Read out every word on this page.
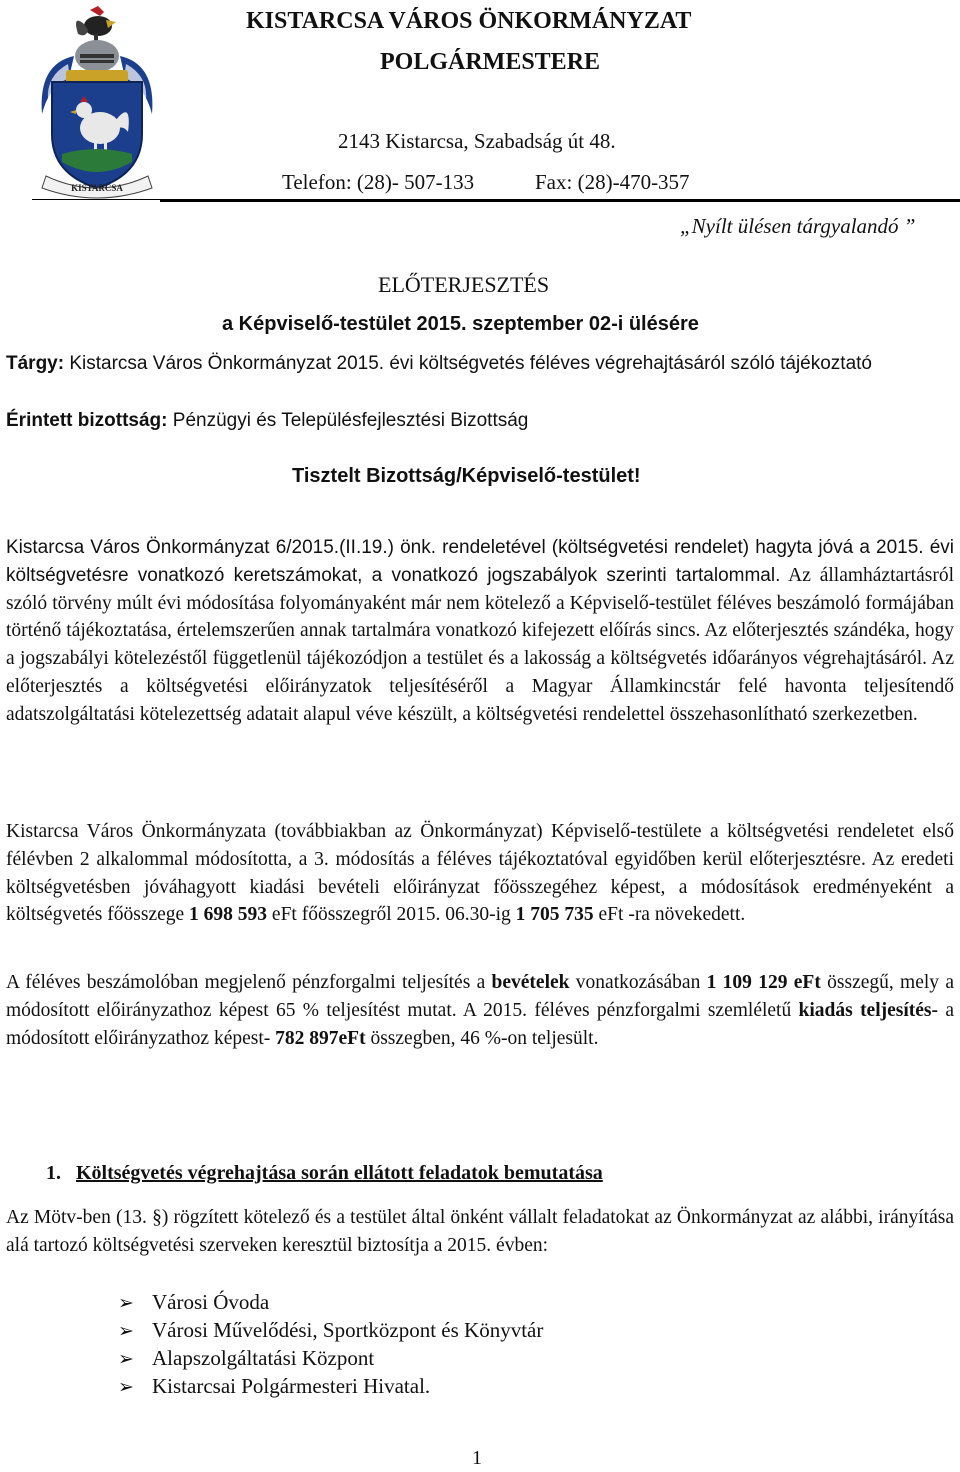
KISTARCSA
KISTARCSA VÁROS ÖNKORMÁNYZAT
POLGÁRMESTERE
2143 Kistarcsa, Szabadság út 48.
Telefon: (28)- 507-133	Fax: (28)-470-357
„Nyílt ülésen tárgyalandó ”
ELŐTERJESZTÉS
a Képviselő-testület 2015. szeptember 02-i ülésére
Tárgy: Kistarcsa Város Önkormányzat 2015. évi költségvetés féléves végrehajtásáról szóló tájékoztató
Érintett bizottság: Pénzügyi és Településfejlesztési Bizottság
Tisztelt Bizottság/Képviselő-testület!
Kistarcsa Város Önkormányzat 6/2015.(II.19.) önk. rendeletével (költségvetési rendelet) hagyta jóvá a 2015. évi költségvetésre vonatkozó keretszámokat, a vonatkozó jogszabályok szerinti tartalommal. Az államháztartásról szóló törvény múlt évi módosítása folyományaként már nem kötelező a Képviselő-testület féléves beszámoló formájában történő tájékoztatása, értelemszerűen annak tartalmára vonatkozó kifejezett előírás sincs. Az előterjesztés szándéka, hogy a jogszabályi kötelezéstől függetlenül tájékozódjon a testület és a lakosság a költségvetés időarányos végrehajtásáról. Az előterjesztés a költségvetési előirányzatok teljesítéséről a Magyar Államkincstár felé havonta teljesítendő adatszolgáltatási kötelezettség adatait alapul véve készült, a költségvetési rendelettel összehasonlítható szerkezetben.
Kistarcsa Város Önkormányzata (továbbiakban az Önkormányzat) Képviselő-testülete a költségvetési rendeletet első félévben 2 alkalommal módosította, a 3. módosítás a féléves tájékoztatóval egyidőben kerül előterjesztésre. Az eredeti költségvetésben jóváhagyott kiadási bevételi előirányzat főösszegéhez képest, a módosítások eredményeként a költségvetés főösszege 1 698 593 eFt főösszegről 2015. 06.30-ig 1 705 735 eFt -ra növekedett.
A féléves beszámolóban megjelenő pénzforgalmi teljesítés a bevételek vonatkozásában 1 109 129 eFt összegű, mely a módosított előirányzathoz képest 65 % teljesítést mutat. A 2015. féléves pénzforgalmi szemléletű kiadás teljesítés- a módosított előirányzathoz képest- 782 897eFt összegben, 46 %-on teljesült.
1. Költségvetés végrehajtása során ellátott feladatok bemutatása
Az Mötv-ben (13. §) rögzített kötelező és a testület által önként vállalt feladatokat az Önkormányzat az alábbi, irányítása alá tartozó költségvetési szerveken keresztül biztosítja a 2015. évben:
➢ Városi Óvoda
➢ Városi Művelődési, Sportközpont és Könyvtár
➢ Alapszolgáltatási Központ
➢ Kistarcsai Polgármesteri Hivatal.
1
